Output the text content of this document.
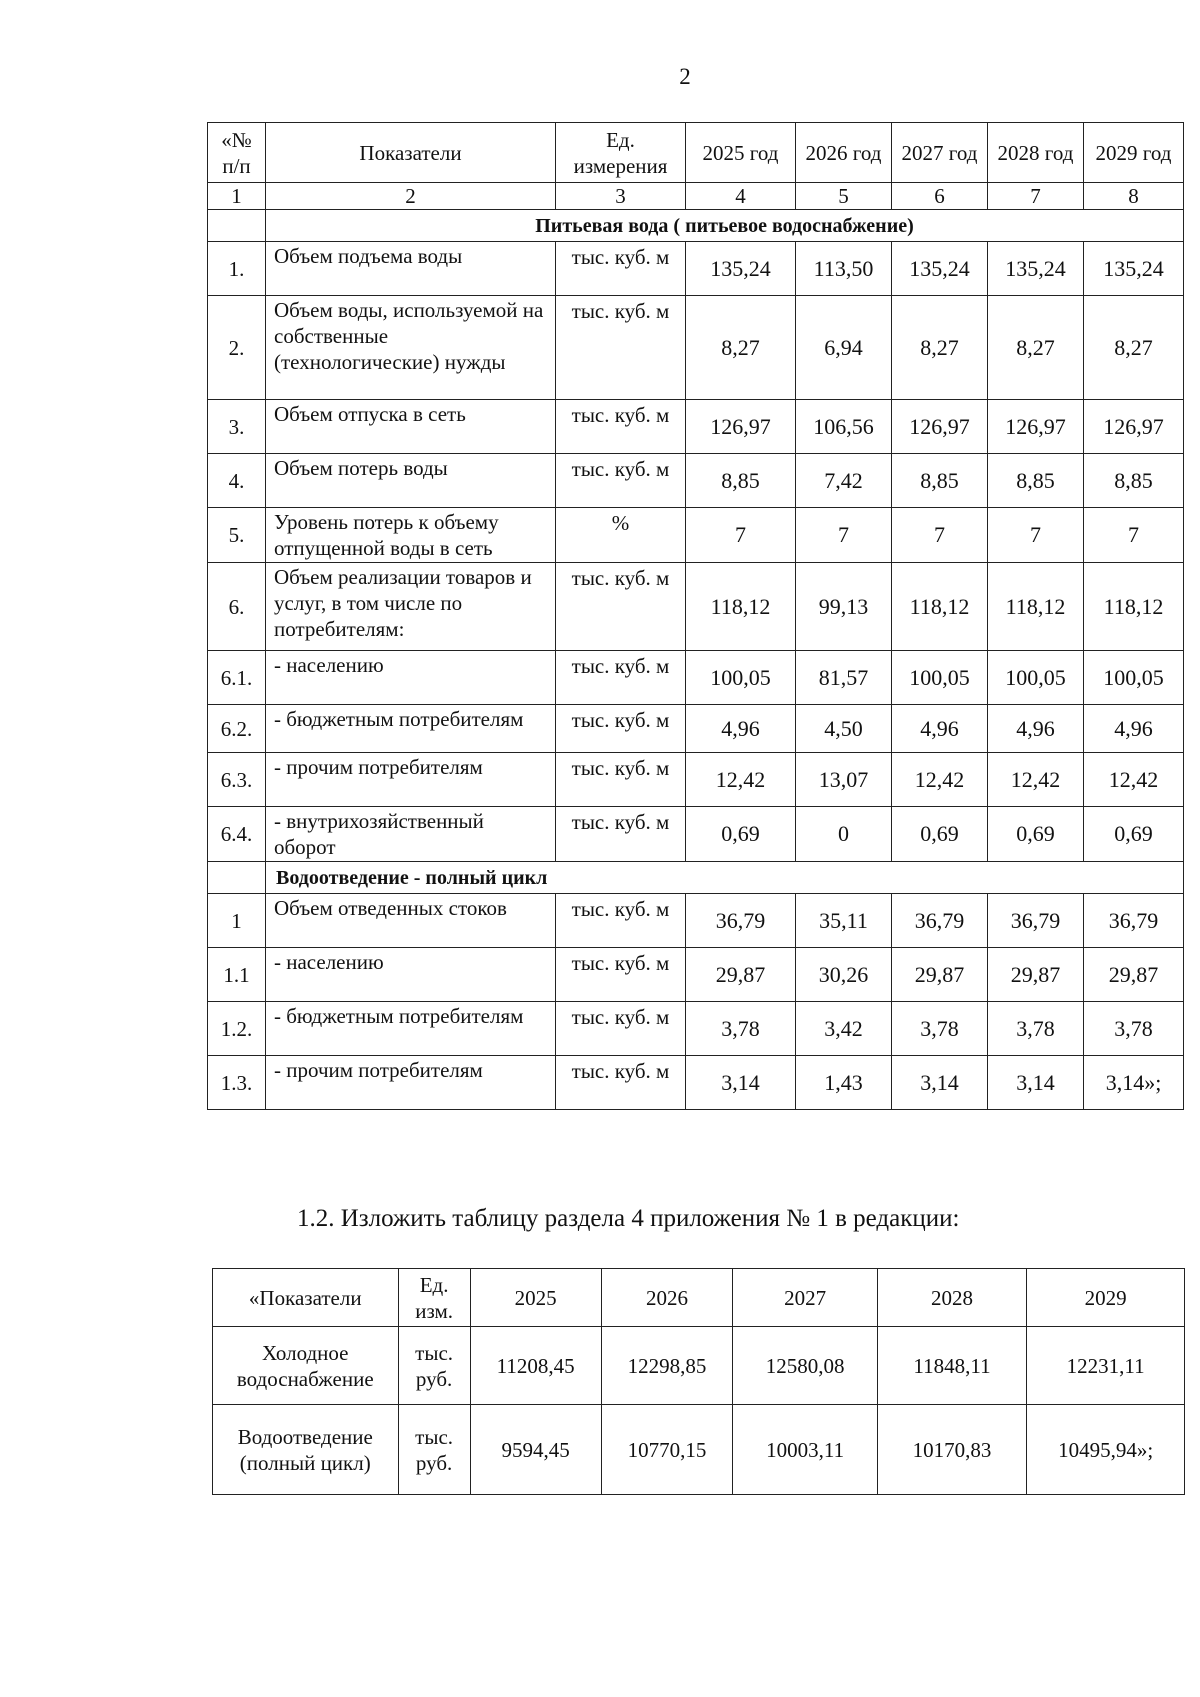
2
«№ п/п	Показатели	Ед. измерения	2025 год	2026 год	2027 год	2028 год	2029 год
1	2	3	4	5	6	7	8
	Питьевая вода ( питьевое водоснабжение)						
1.	Объем подъема воды	тыс. куб. м	135,24	113,50	135,24	135,24	135,24
2.	Объем воды, используемой на собственные (технологические) нужды	тыс. куб. м	8,27	6,94	8,27	8,27	8,27
3.	Объем отпуска в сеть	тыс. куб. м	126,97	106,56	126,97	126,97	126,97
4.	Объем потерь воды	тыс. куб. м	8,85	7,42	8,85	8,85	8,85
5.	Уровень потерь к объему отпущенной воды в сеть	%	7	7	7	7	7
6.	Объем реализации товаров и услуг, в том числе по потребителям:	тыс. куб. м	118,12	99,13	118,12	118,12	118,12
6.1.	- населению	тыс. куб. м	100,05	81,57	100,05	100,05	100,05
6.2.	- бюджетным потребителям	тыс. куб. м	4,96	4,50	4,96	4,96	4,96
6.3.	- прочим потребителям	тыс. куб. м	12,42	13,07	12,42	12,42	12,42
6.4.	- внутрихозяйственный оборот	тыс. куб. м	0,69	0	0,69	0,69	0,69
	Водоотведение - полный цикл						
1	Объем отведенных стоков	тыс. куб. м	36,79	35,11	36,79	36,79	36,79
1.1	- населению	тыс. куб. м	29,87	30,26	29,87	29,87	29,87
1.2.	- бюджетным потребителям	тыс. куб. м	3,78	3,42	3,78	3,78	3,78
1.3.	- прочим потребителям	тыс. куб. м	3,14	1,43	3,14	3,14	3,14»;
1.2. Изложить таблицу раздела 4 приложения № 1 в редакции:
«Показатели	Ед. изм.	2025	2026	2027	2028	2029
Холодное водоснабжение	тыс. руб.	11208,45	12298,85	12580,08	11848,11	12231,11
Водоотведение (полный цикл)	тыс. руб.	9594,45	10770,15	10003,11	10170,83	10495,94»;
